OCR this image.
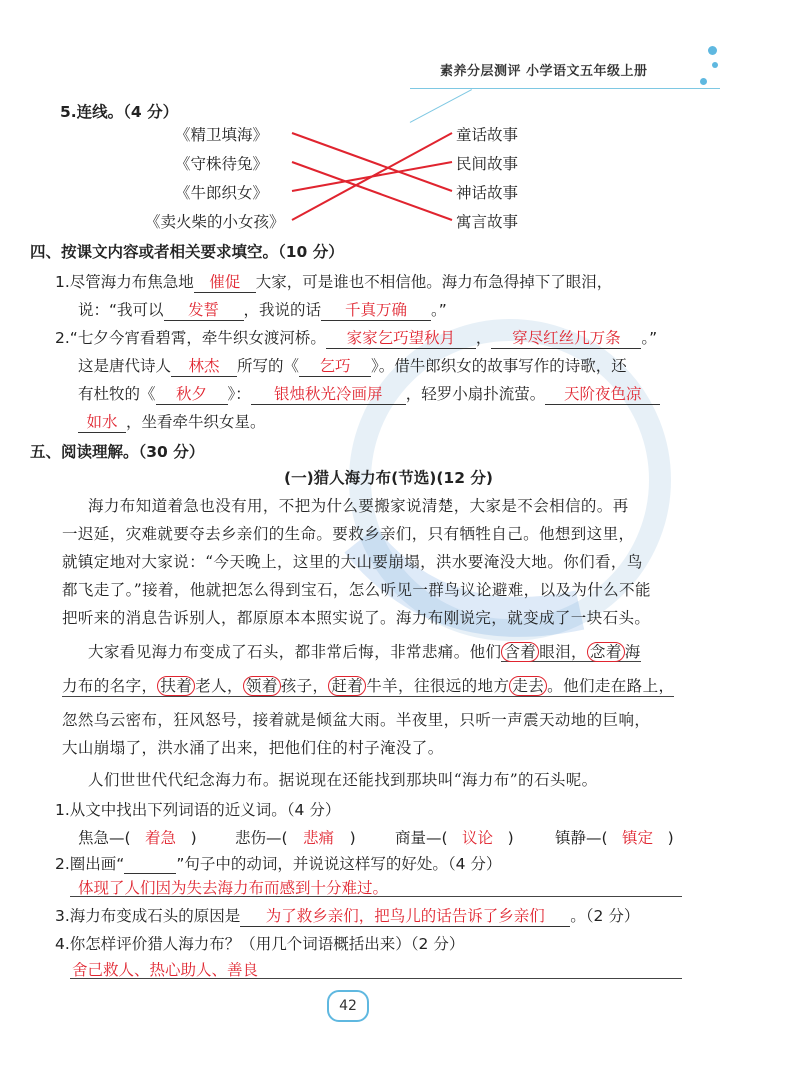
素养分层测评 小学语文五年级上册
5.连线。（4 分）
《精卫填海》
《守株待兔》
《牛郎织女》
《卖火柴的小女孩》
童话故事
民间故事
神话故事
寓言故事
四、按课文内容或者相关要求填空。（10 分）
1.尽管海力布焦急地 催促 大家，可是谁也不相信他。海力布急得掉下了眼泪，
说：“我可以 发誓 ，我说的话 千真万确 。”
2.“七夕今宵看碧霄，牵牛织女渡河桥。 家家乞巧望秋月 ， 穿尽红丝几万条 。”
这是唐代诗人 林杰 所写的《 乞巧 》。借牛郎织女的故事写作的诗歌，还
有杜牧的《 秋夕 》： 银烛秋光冷画屏 ，轻罗小扇扑流萤。 天阶夜色凉
如水 ，坐看牵牛织女星。
五、阅读理解。（30 分）
(一)猎人海力布(节选)(12 分)
海力布知道着急也没有用，不把为什么要搬家说清楚，大家是不会相信的。再
一迟延，灾难就要夺去乡亲们的生命。要救乡亲们，只有牺牲自己。他想到这里，
就镇定地对大家说：“今天晚上，这里的大山要崩塌，洪水要淹没大地。你们看，鸟
都飞走了。”接着，他就把怎么得到宝石，怎么听见一群鸟议论避难，以及为什么不能
把听来的消息告诉别人，都原原本本照实说了。海力布刚说完，就变成了一块石头。
大家看见海力布变成了石头，都非常后悔，非常悲痛。他们 含着 眼泪， 念着 海
力布的名字， 扶着 老人， 领着 孩子， 赶着 牛羊，往很远的地方 走去 。他们走在路上，
忽然乌云密布，狂风怒号，接着就是倾盆大雨。半夜里，只听一声震天动地的巨响，
大山崩塌了，洪水涌了出来，把他们住的村子淹没了。
人们世世代代纪念海力布。据说现在还能找到那块叫“海力布”的石头呢。
1.从文中找出下列词语的近义词。（4 分）
焦急—( 着急 ) 悲伤—( 悲痛 )	商量—( 议论 )	镇静—( 镇定 )
2.圈出画“	”句子中的动词，并说说这样写的好处。（4 分）
体现了人们因为失去海力布而感到十分难过。
3.海力布变成石头的原因是 为了救乡亲们，把鸟儿的话告诉了乡亲们 。（2 分）
4.你怎样评价猎人海力布？（用几个词语概括出来）（2 分）
舍己救人、热心助人、善良
42
